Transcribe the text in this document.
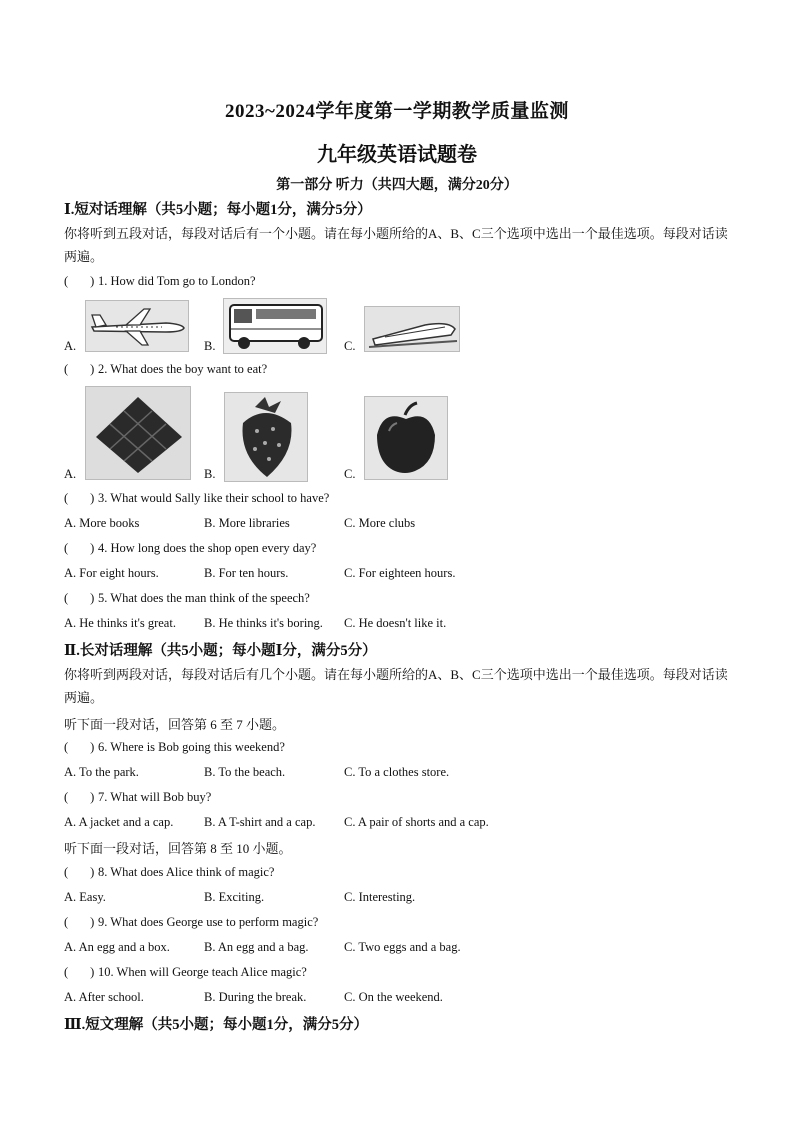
2023~2024学年度第一学期教学质量监测
九年级英语试题卷
第一部分 听力（共四大题，满分20分）
Ⅰ.短对话理解（共5小题；每小题1分，满分5分）
你将听到五段对话，每段对话后有一个小题。请在每小题所给的A、B、C三个选项中选出一个最佳选项。每段对话读两遍。
( ) 1. How did Tom go to London?
A.	B.	C.
( ) 2. What does the boy want to eat?
A.	B.	C.
( ) 3. What would Sally like their school to have?
A. More books	B. More libraries	C. More clubs
( ) 4. How long does the shop open every day?
A. For eight hours.	B. For ten hours.	C. For eighteen hours.
( ) 5. What does the man think of the speech?
A. He thinks it's great. B. He thinks it's boring. C. He doesn't like it.
Ⅱ.长对话理解（共5小题；每小题Ⅰ分，满分5分）
你将听到两段对话，每段对话后有几个小题。请在每小题所给的A、B、C三个选项中选出一个最佳选项。每段对话读两遍。
听下面一段对话，回答第 6 至 7 小题。
( ) 6. Where is Bob going this weekend?
A. To the park.	B. To the beach.	C. To a clothes store.
( ) 7. What will Bob buy?
A. A jacket and a cap. B. A T-shirt and a cap. C. A pair of shorts and a cap.
听下面一段对话，回答第 8 至 10 小题。
( ) 8. What does Alice think of magic?
A. Easy.	B. Exciting.	C. Interesting.
( ) 9. What does George use to perform magic?
A. An egg and a box.	B. An egg and a bag.	C. Two eggs and a bag.
( ) 10. When will George teach Alice magic?
A. After school.	B. During the break.	C. On the weekend.
Ⅲ.短文理解（共5小题；每小题1分，满分5分）
